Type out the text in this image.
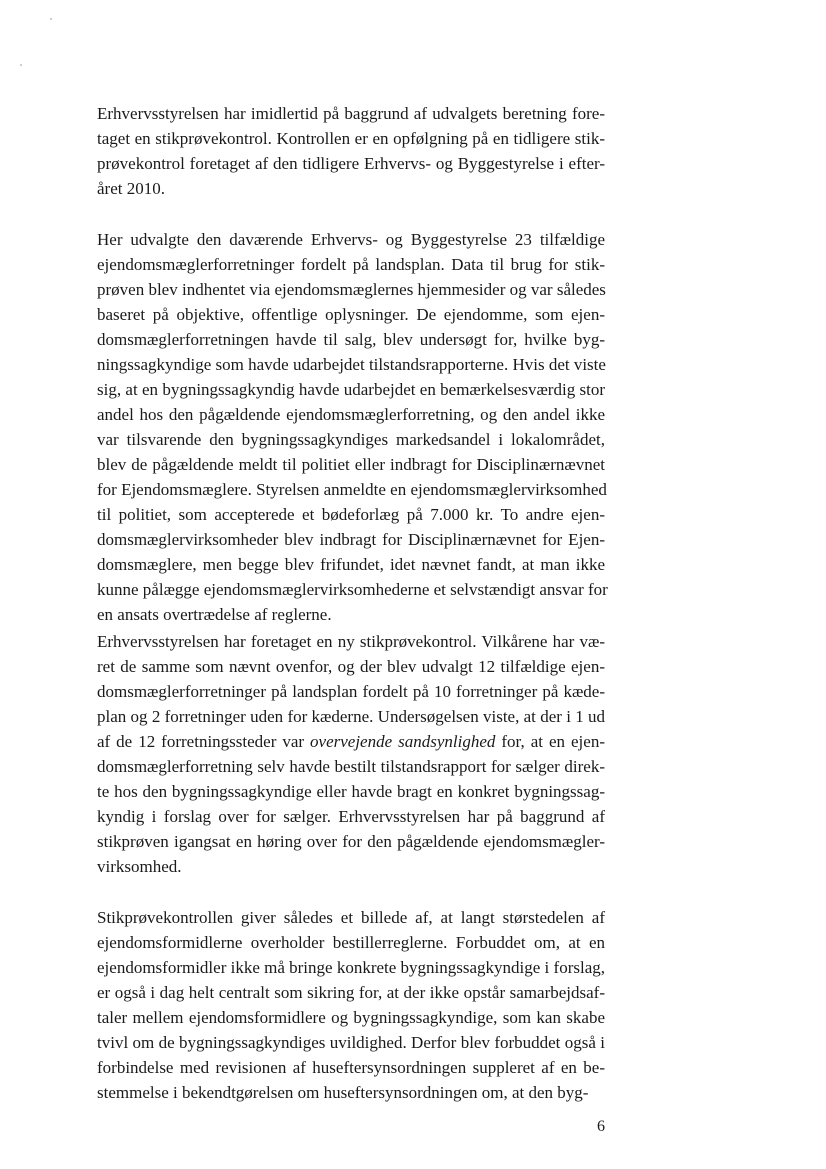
Erhvervsstyrelsen har imidlertid på baggrund af udvalgets beretning fore-
taget en stikprøvekontrol. Kontrollen er en opfølgning på en tidligere stik-
prøvekontrol foretaget af den tidligere Erhvervs- og Byggestyrelse i efter-
året 2010.
Her udvalgte den daværende Erhvervs- og Byggestyrelse 23 tilfældige
ejendomsmæglerforretninger fordelt på landsplan. Data til brug for stik-
prøven blev indhentet via ejendomsmæglernes hjemmesider og var således
baseret på objektive, offentlige oplysninger. De ejendomme, som ejen-
domsmæglerforretningen havde til salg, blev undersøgt for, hvilke byg-
ningssagkyndige som havde udarbejdet tilstandsrapporterne. Hvis det viste
sig, at en bygningssagkyndig havde udarbejdet en bemærkelsesværdig stor
andel hos den pågældende ejendomsmæglerforretning, og den andel ikke
var tilsvarende den bygningssagkyndiges markedsandel i lokalområdet,
blev de pågældende meldt til politiet eller indbragt for Disciplinærnævnet
for Ejendomsmæglere. Styrelsen anmeldte en ejendomsmæglervirksomhed
til politiet, som accepterede et bødeforlæg på 7.000 kr. To andre ejen-
domsmæglervirksomheder blev indbragt for Disciplinærnævnet for Ejen-
domsmæglere, men begge blev frifundet, idet nævnet fandt, at man ikke
kunne pålægge ejendomsmæglervirksomhederne et selvstændigt ansvar for
en ansats overtrædelse af reglerne.
Erhvervsstyrelsen har foretaget en ny stikprøvekontrol. Vilkårene har væ-
ret de samme som nævnt ovenfor, og der blev udvalgt 12 tilfældige ejen-
domsmæglerforretninger på landsplan fordelt på 10 forretninger på kæde-
plan og 2 forretninger uden for kæderne. Undersøgelsen viste, at der i 1 ud
af de 12 forretningssteder var overvejende sandsynlighed for, at en ejen-
domsmæglerforretning selv havde bestilt tilstandsrapport for sælger direk-
te hos den bygningssagkyndige eller havde bragt en konkret bygningssag-
kyndig i forslag over for sælger. Erhvervsstyrelsen har på baggrund af
stikprøven igangsat en høring over for den pågældende ejendomsmægler-
virksomhed.
Stikprøvekontrollen giver således et billede af, at langt størstedelen af
ejendomsformidlerne overholder bestillerreglerne. Forbuddet om, at en
ejendomsformidler ikke må bringe konkrete bygningssagkyndige i forslag,
er også i dag helt centralt som sikring for, at der ikke opstår samarbejdsaf-
taler mellem ejendomsformidlere og bygningssagkyndige, som kan skabe
tvivl om de bygningssagkyndiges uvildighed. Derfor blev forbuddet også i
forbindelse med revisionen af huseftersynsordningen suppleret af en be-
stemmelse i bekendtgørelsen om huseftersynsordningen om, at den byg-
6
